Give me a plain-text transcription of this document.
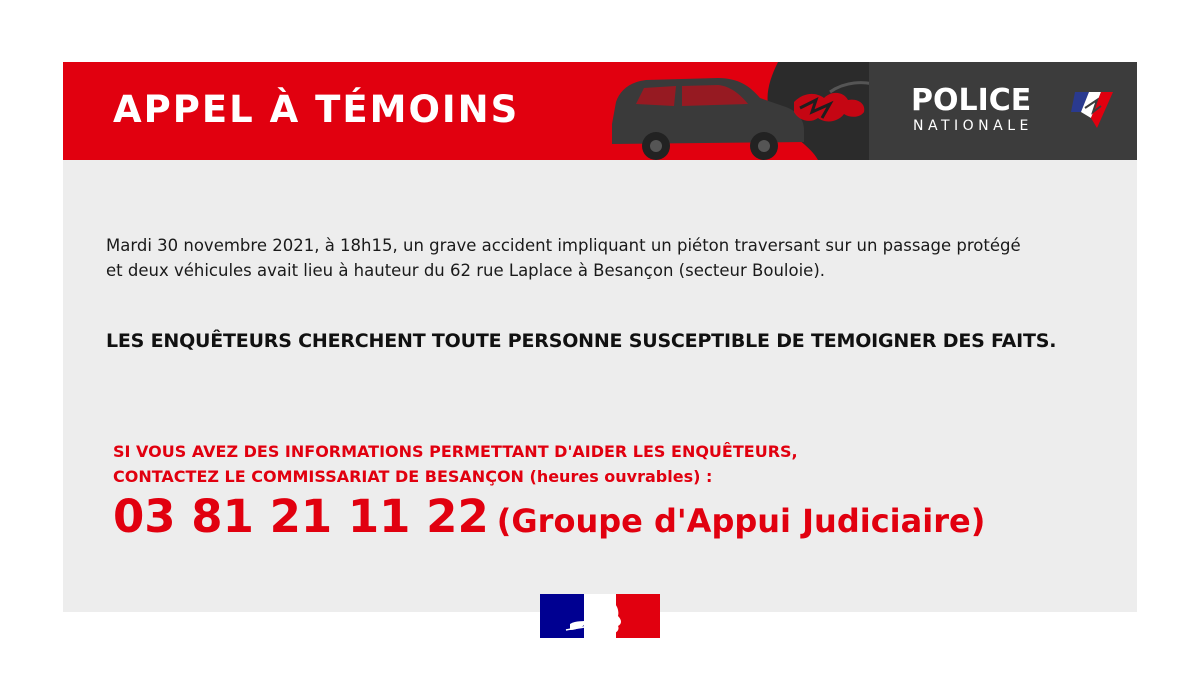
APPEL À TÉMOINS	POLICE
NATIONALE
Mardi 30 novembre 2021, à 18h15, un grave accident impliquant un piéton traversant sur un passage protégé
et deux véhicules avait lieu à hauteur du 62 rue Laplace à Besançon (secteur Bouloie).
LES ENQUÊTEURS CHERCHENT TOUTE PERSONNE SUSCEPTIBLE DE TEMOIGNER DES FAITS.
SI VOUS AVEZ DES INFORMATIONS PERMETTANT D'AIDER LES ENQUÊTEURS,
CONTACTEZ LE COMMISSARIAT DE BESANÇON (heures ouvrables) :
03 81 21 11 22 (Groupe d'Appui Judiciaire)
